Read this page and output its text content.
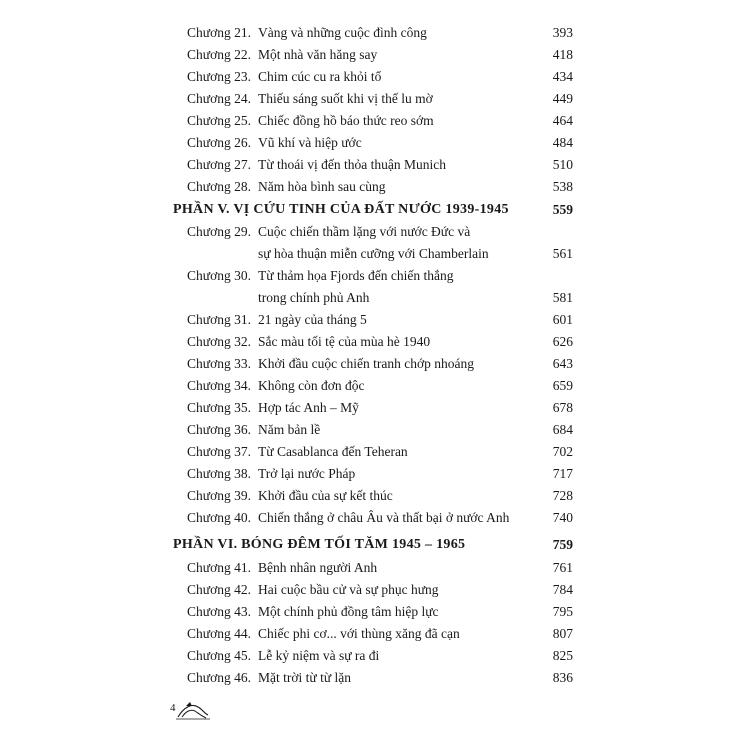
Chương 21. Vàng và những cuộc đình công	393
Chương 22. Một nhà văn hăng say	418
Chương 23. Chim cúc cu ra khỏi tổ	434
Chương 24. Thiếu sáng suốt khi vị thế lu mờ	449
Chương 25. Chiếc đồng hồ báo thức reo sớm	464
Chương 26. Vũ khí và hiệp ước	484
Chương 27. Từ thoái vị đến thỏa thuận Munich	510
Chương 28. Năm hòa bình sau cùng	538
PHẦN V. VỊ CỨU TINH CỦA ĐẤT NƯỚC 1939-1945	559
Chương 29. Cuộc chiến thầm lặng với nước Đức và
sự hòa thuận miễn cưỡng với Chamberlain	561
Chương 30. Từ thảm họa Fjords đến chiến thắng
trong chính phủ Anh	581
Chương 31. 21 ngày của tháng 5	601
Chương 32. Sắc màu tối tệ của mùa hè 1940	626
Chương 33. Khởi đầu cuộc chiến tranh chớp nhoáng	643
Chương 34. Không còn đơn độc	659
Chương 35. Hợp tác Anh – Mỹ	678
Chương 36. Năm bản lề	684
Chương 37. Từ Casablanca đến Teheran	702
Chương 38. Trở lại nước Pháp	717
Chương 39. Khởi đầu của sự kết thúc	728
Chương 40. Chiến thắng ở châu Âu và thất bại ở nước Anh	740
PHẦN VI. BÓNG ĐÊM TỐI TĂM 1945 – 1965	759
Chương 41. Bệnh nhân người Anh	761
Chương 42. Hai cuộc bầu cử và sự phục hưng	784
Chương 43. Một chính phủ đồng tâm hiệp lực	795
Chương 44. Chiếc phi cơ... với thùng xăng đã cạn	807
Chương 45. Lễ kỷ niệm và sự ra đi	825
Chương 46. Mặt trời từ từ lặn	836
4
